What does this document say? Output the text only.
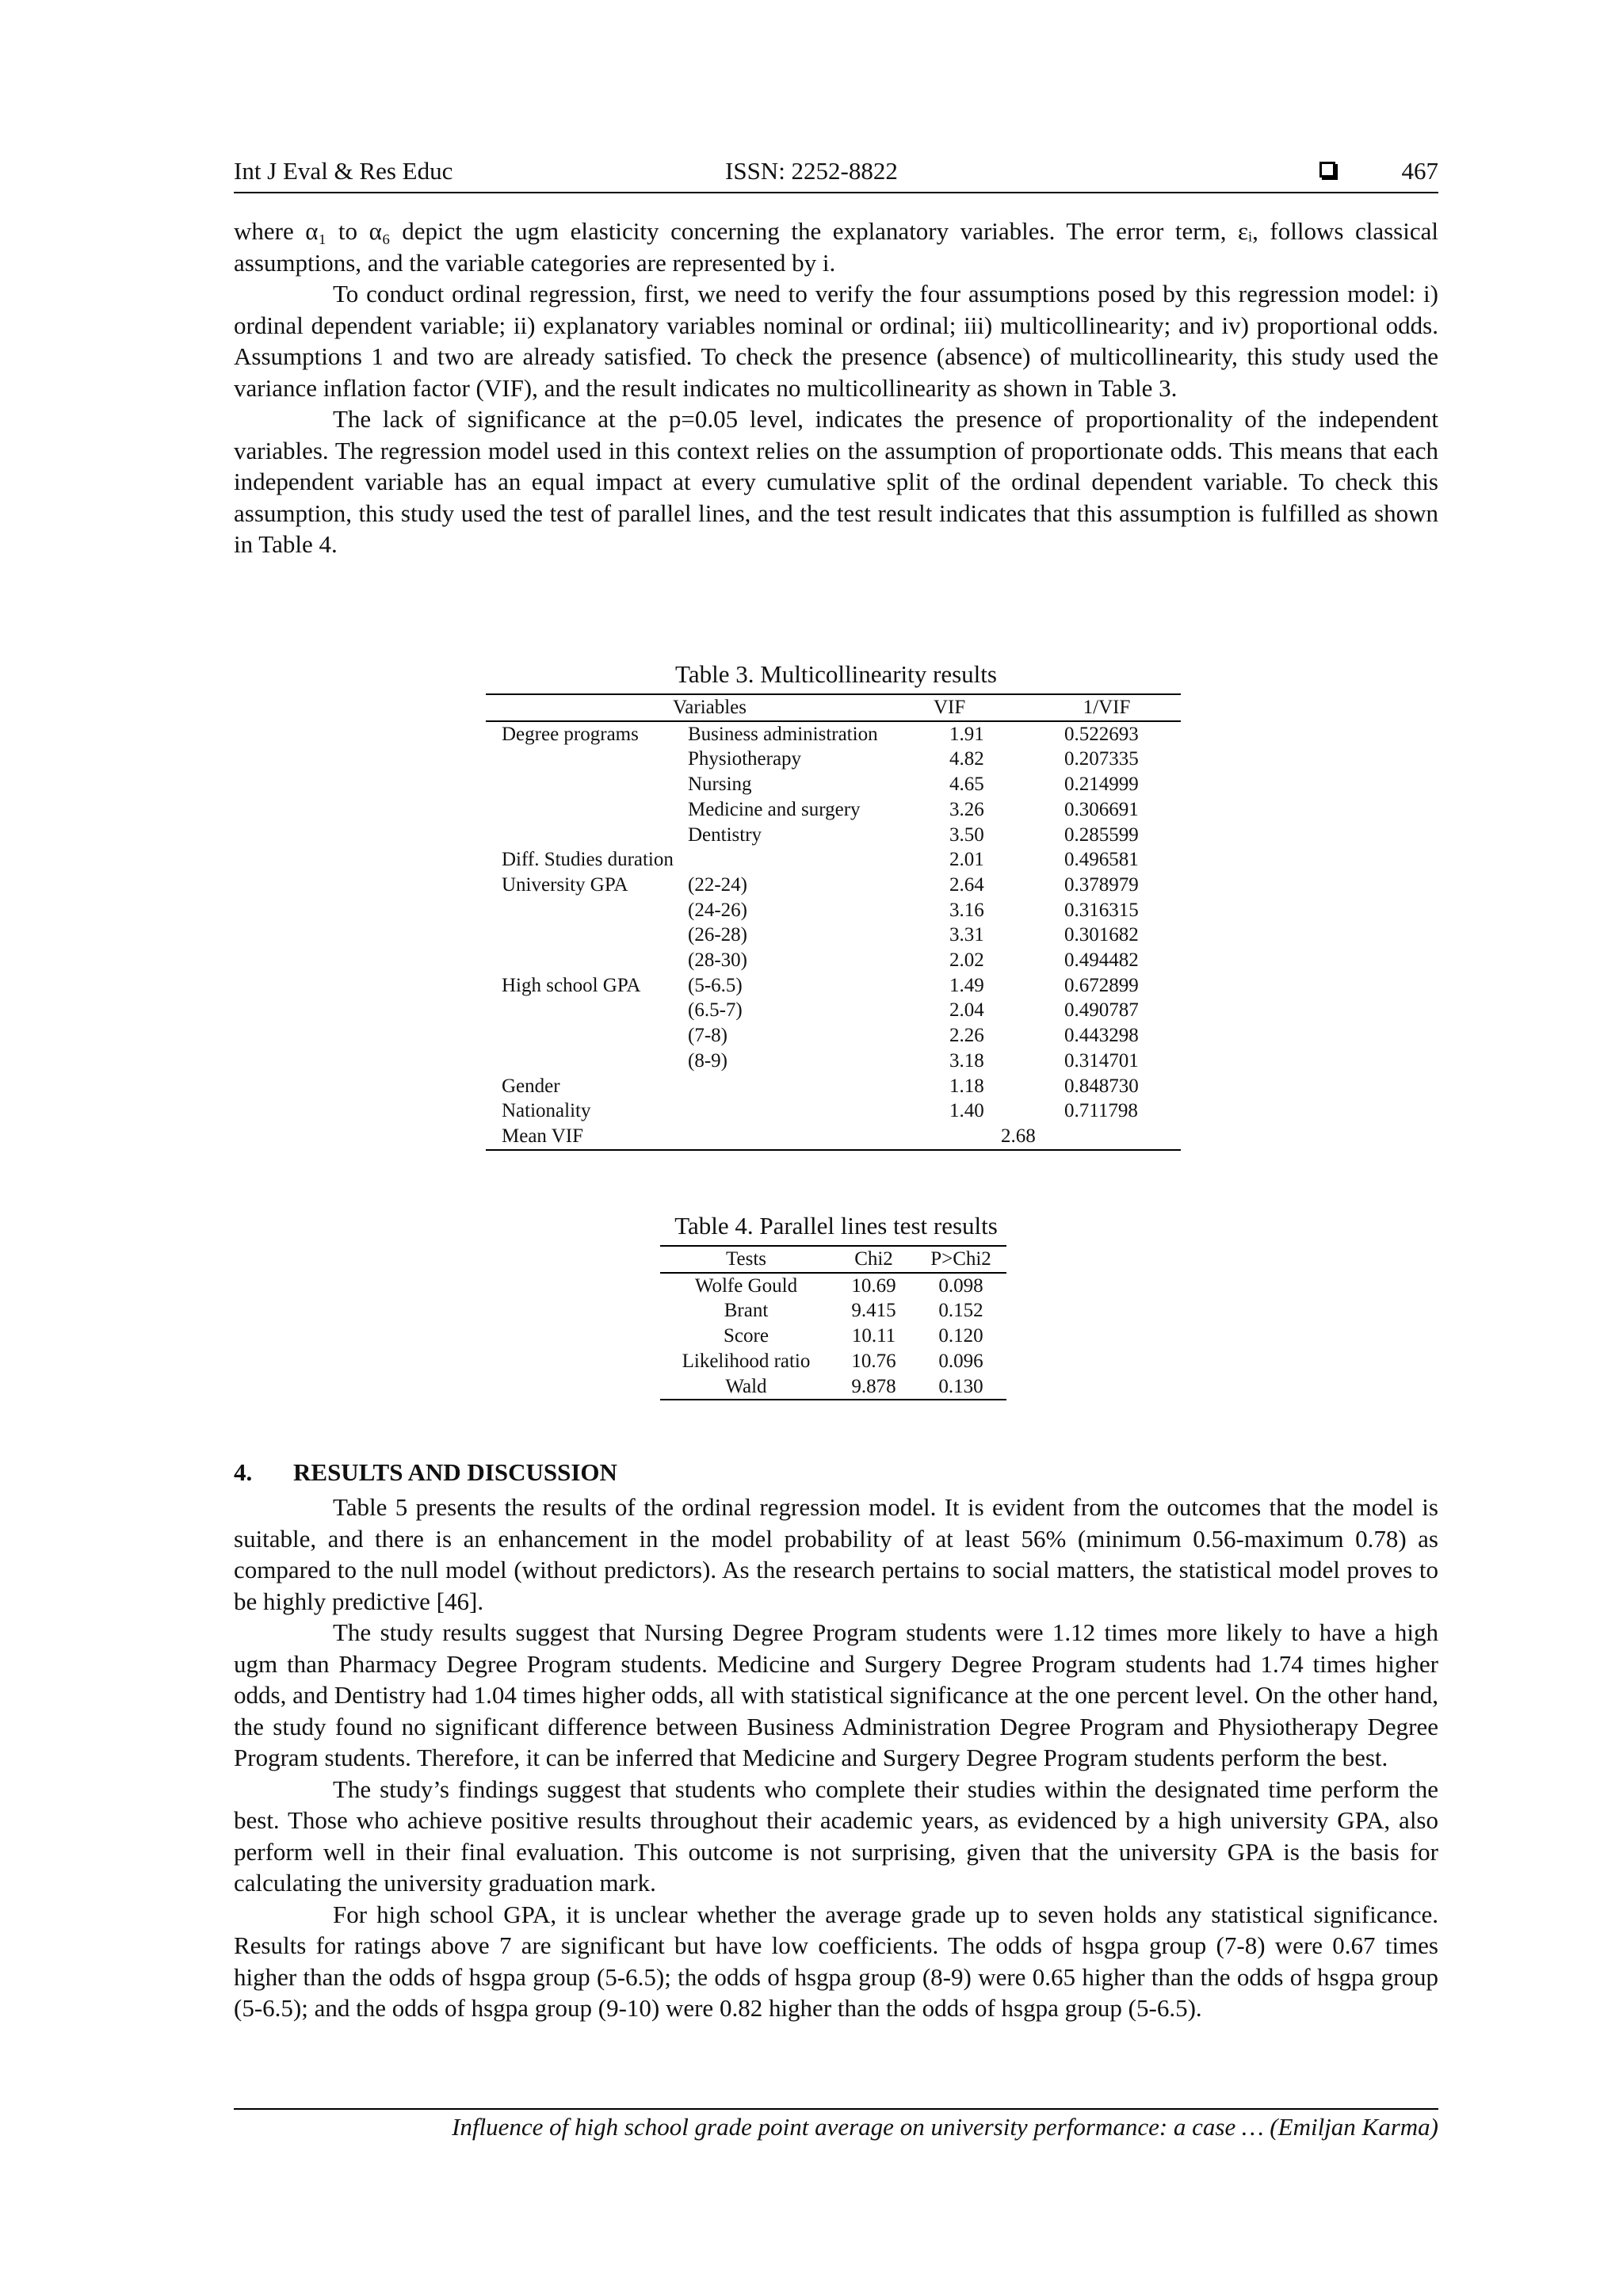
Int J Eval & Res Educ	ISSN: 2252-8822	467

where α₁ to α₆ depict the ugm elasticity concerning the explanatory variables. The error term, εᵢ, follows classical assumptions, and the variable categories are represented by i.

To conduct ordinal regression, first, we need to verify the four assumptions posed by this regression model: i) ordinal dependent variable; ii) explanatory variables nominal or ordinal; iii) multicollinearity; and iv) proportional odds. Assumptions 1 and two are already satisfied. To check the presence (absence) of multicollinearity, this study used the variance inflation factor (VIF), and the result indicates no multicollinearity as shown in Table 3.

The lack of significance at the p=0.05 level, indicates the presence of proportionality of the independent variables. The regression model used in this context relies on the assumption of proportionate odds. This means that each independent variable has an equal impact at every cumulative split of the ordinal dependent variable. To check this assumption, this study used the test of parallel lines, and the test result indicates that this assumption is fulfilled as shown in Table 4.

Table 3. Multicollinearity results
Variables		VIF	1/VIF
Degree programs	Business administration	1.91	0.522693
	Physiotherapy	4.82	0.207335
	Nursing	4.65	0.214999
	Medicine and surgery	3.26	0.306691
	Dentistry	3.50	0.285599
Diff. Studies duration		2.01	0.496581
University GPA	(22-24)	2.64	0.378979
	(24-26)	3.16	0.316315
	(26-28)	3.31	0.301682
	(28-30)	2.02	0.494482
High school GPA	(5-6.5)	1.49	0.672899
	(6.5-7)	2.04	0.490787
	(7-8)	2.26	0.443298
	(8-9)	3.18	0.314701
Gender		1.18	0.848730
Nationality		1.40	0.711798
Mean VIF		2.68	
Table 4. Parallel lines test results
Tests	Chi2	P>Chi2
Wolfe Gould	10.69	0.098
Brant	9.415	0.152
Score	10.11	0.120
Likelihood ratio	10.76	0.096
Wald	9.878	0.130
4. RESULTS AND DISCUSSION

Table 5 presents the results of the ordinal regression model. It is evident from the outcomes that the model is suitable, and there is an enhancement in the model probability of at least 56% (minimum 0.56-maximum 0.78) as compared to the null model (without predictors). As the research pertains to social matters, the statistical model proves to be highly predictive [46].

The study results suggest that Nursing Degree Program students were 1.12 times more likely to have a high ugm than Pharmacy Degree Program students. Medicine and Surgery Degree Program students had 1.74 times higher odds, and Dentistry had 1.04 times higher odds, all with statistical significance at the one percent level. On the other hand, the study found no significant difference between Business Administration Degree Program and Physiotherapy Degree Program students. Therefore, it can be inferred that Medicine and Surgery Degree Program students perform the best.

The study’s findings suggest that students who complete their studies within the designated time perform the best. Those who achieve positive results throughout their academic years, as evidenced by a high university GPA, also perform well in their final evaluation. This outcome is not surprising, given that the university GPA is the basis for calculating the university graduation mark.

For high school GPA, it is unclear whether the average grade up to seven holds any statistical significance. Results for ratings above 7 are significant but have low coefficients. The odds of hsgpa group (7-8) were 0.67 times higher than the odds of hsgpa group (5-6.5); the odds of hsgpa group (8-9) were 0.65 higher than the odds of hsgpa group (5-6.5); and the odds of hsgpa group (9-10) were 0.82 higher than the odds of hsgpa group (5-6.5).

Influence of high school grade point average on university performance: a case … (Emiljan Karma)
